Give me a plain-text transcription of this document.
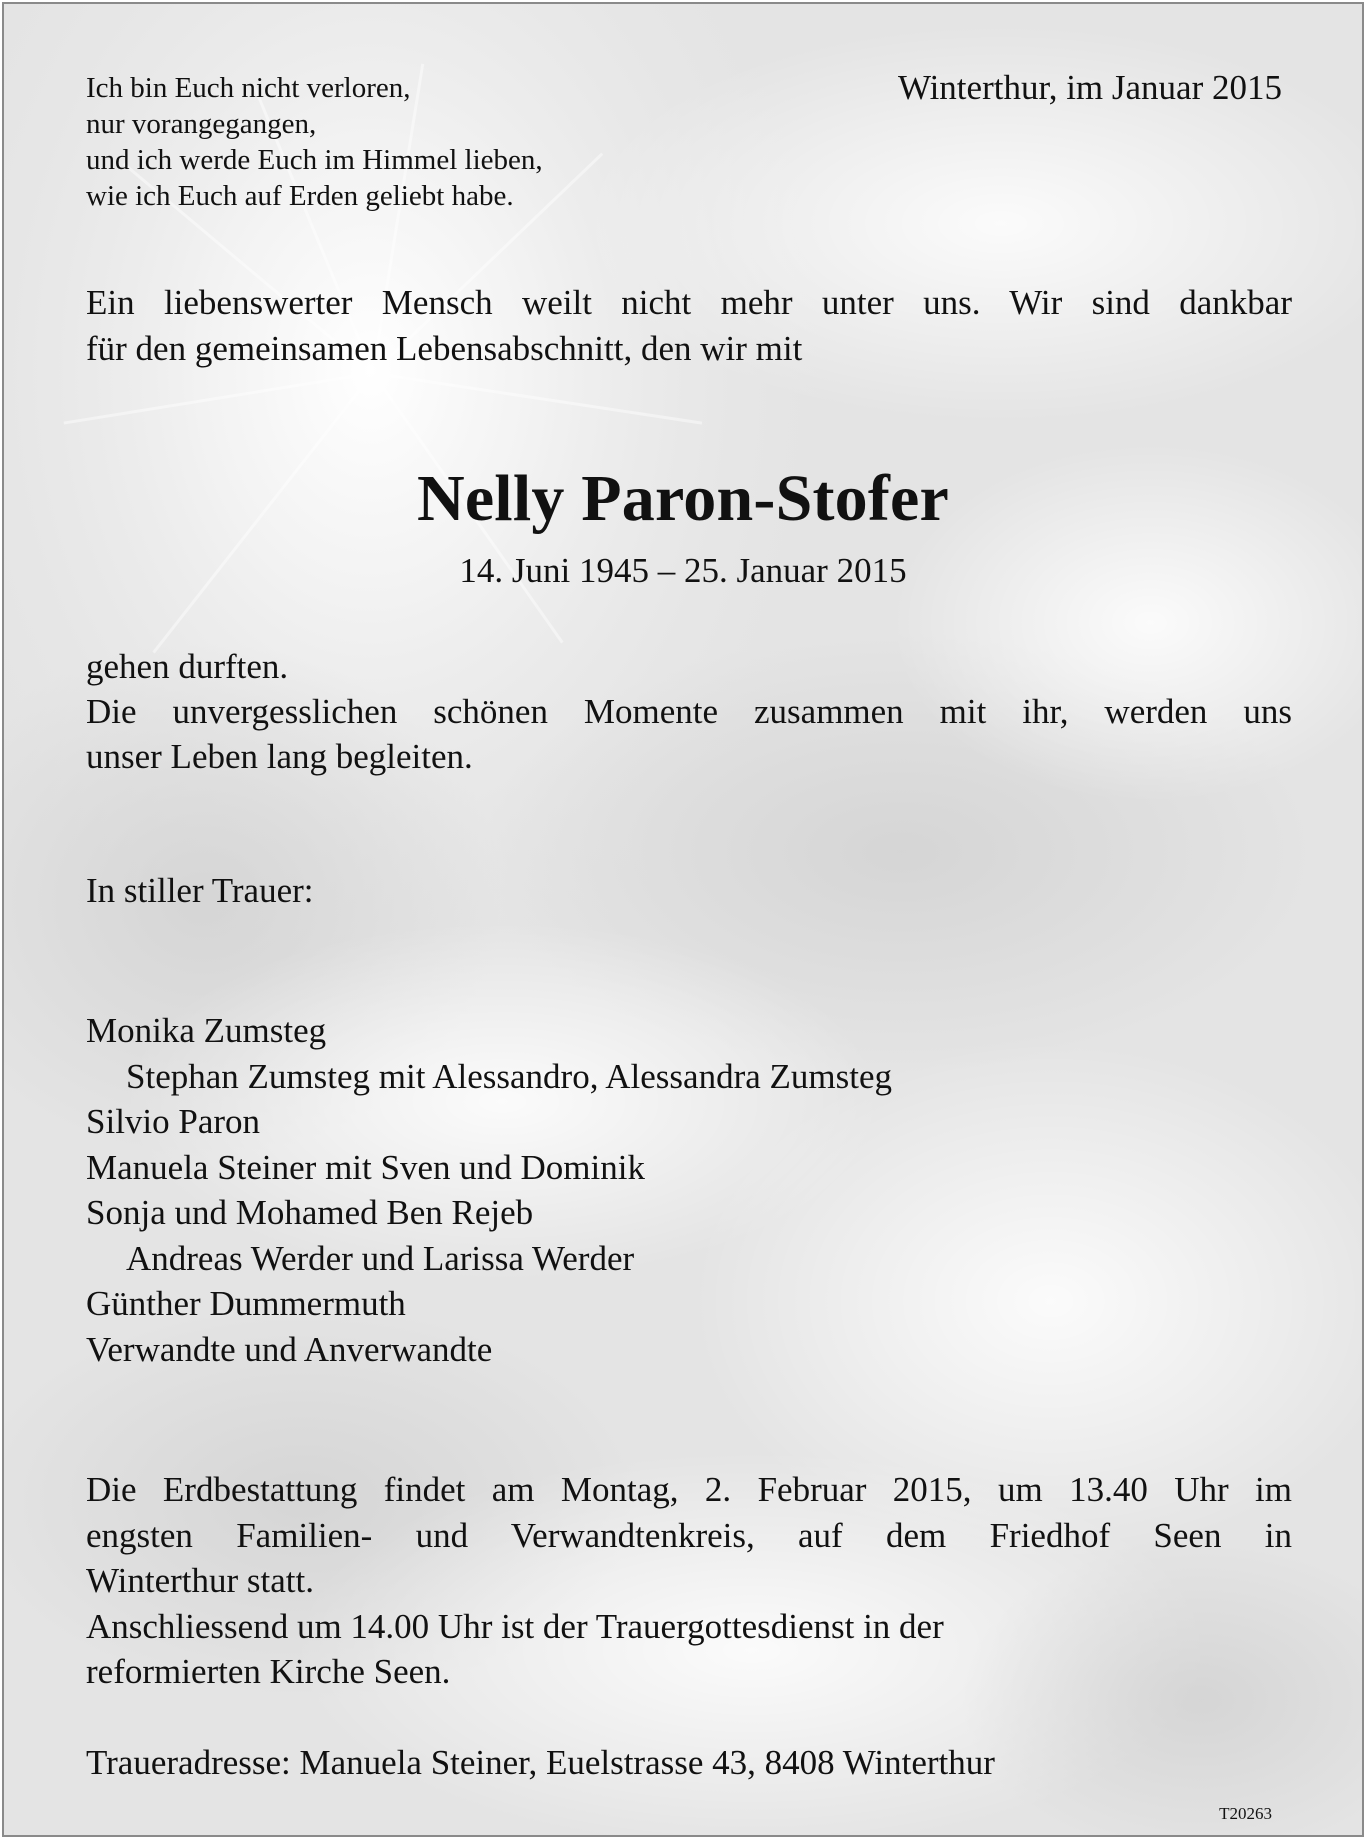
Ich bin Euch nicht verloren,
nur vorangegangen,
und ich werde Euch im Himmel lieben,
wie ich Euch auf Erden geliebt habe.
Winterthur, im Januar 2015
Ein liebenswerter Mensch weilt nicht mehr unter uns. Wir sind dankbar
für den gemeinsamen Lebensabschnitt, den wir mit
Nelly Paron-Stofer
14. Juni 1945 – 25. Januar 2015
gehen durften.
Die unvergesslichen schönen Momente zusammen mit ihr, werden uns
unser Leben lang begleiten.
In stiller Trauer:
Monika Zumsteg
Stephan Zumsteg mit Alessandro, Alessandra Zumsteg
Silvio Paron
Manuela Steiner mit Sven und Dominik
Sonja und Mohamed Ben Rejeb
Andreas Werder und Larissa Werder
Günther Dummermuth
Verwandte und Anverwandte
Die Erdbestattung findet am Montag, 2. Februar 2015, um 13.40 Uhr im
engsten Familien- und Verwandtenkreis, auf dem Friedhof Seen in
Winterthur statt.
Anschliessend um 14.00 Uhr ist der Trauergottesdienst in der
reformierten Kirche Seen.
Traueradresse: Manuela Steiner, Euelstrasse 43, 8408 Winterthur
T20263
